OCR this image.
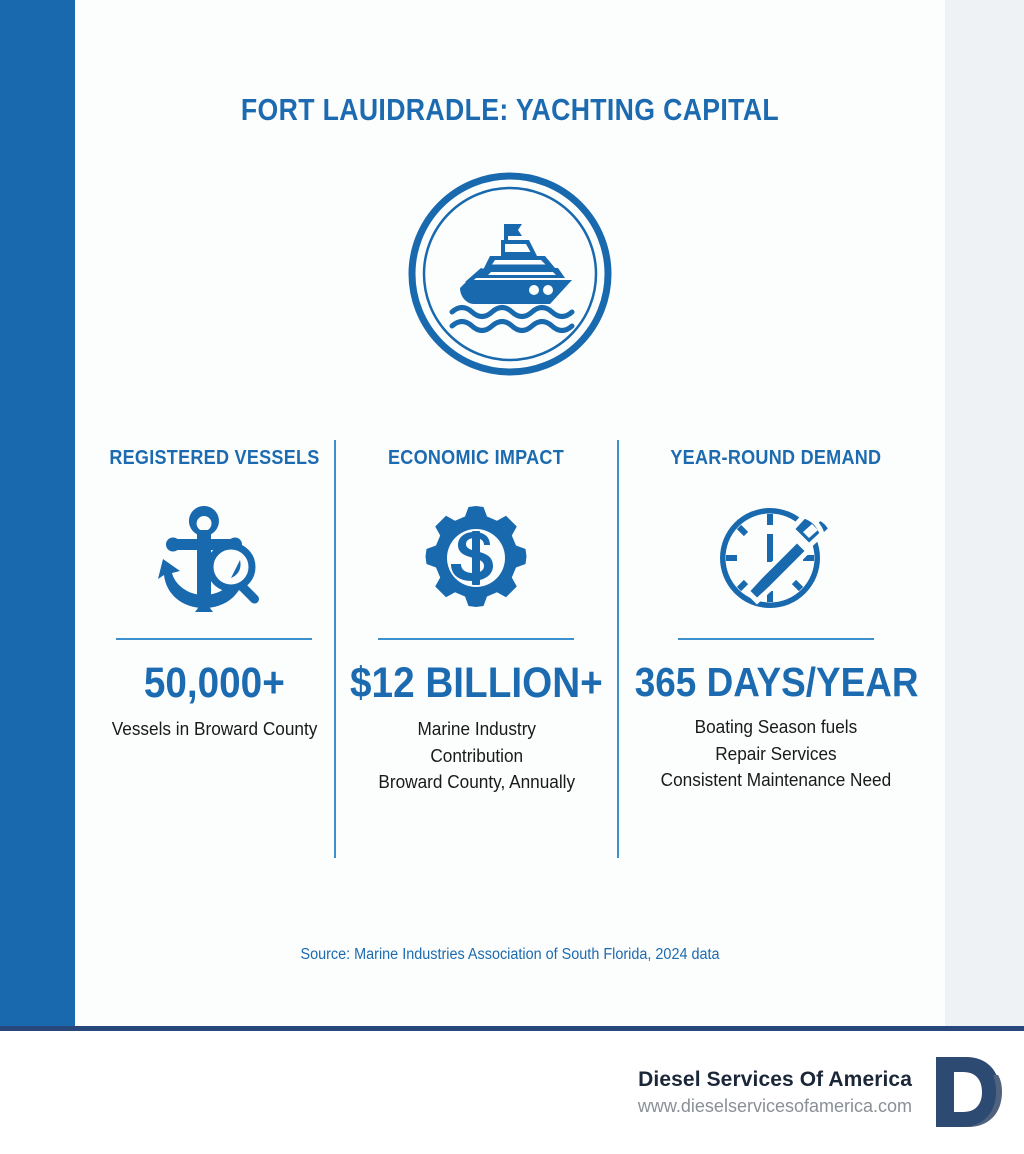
FORT LAUIDRADLE: YACHTING CAPITAL
REGISTERED VESSELS
50,000+
Vessels in Broward County
ECONOMIC IMPACT
$12 BILLION+
Marine Industry
Contribution
Broward County, Annually
YEAR-ROUND DEMAND
365 DAYS/YEAR
Boating Season fuels
Repair Services
Consistent Maintenance Need
Source: Marine Industries Association of South Florida, 2024 data
Diesel Services Of America
www.dieselservicesofamerica.com
